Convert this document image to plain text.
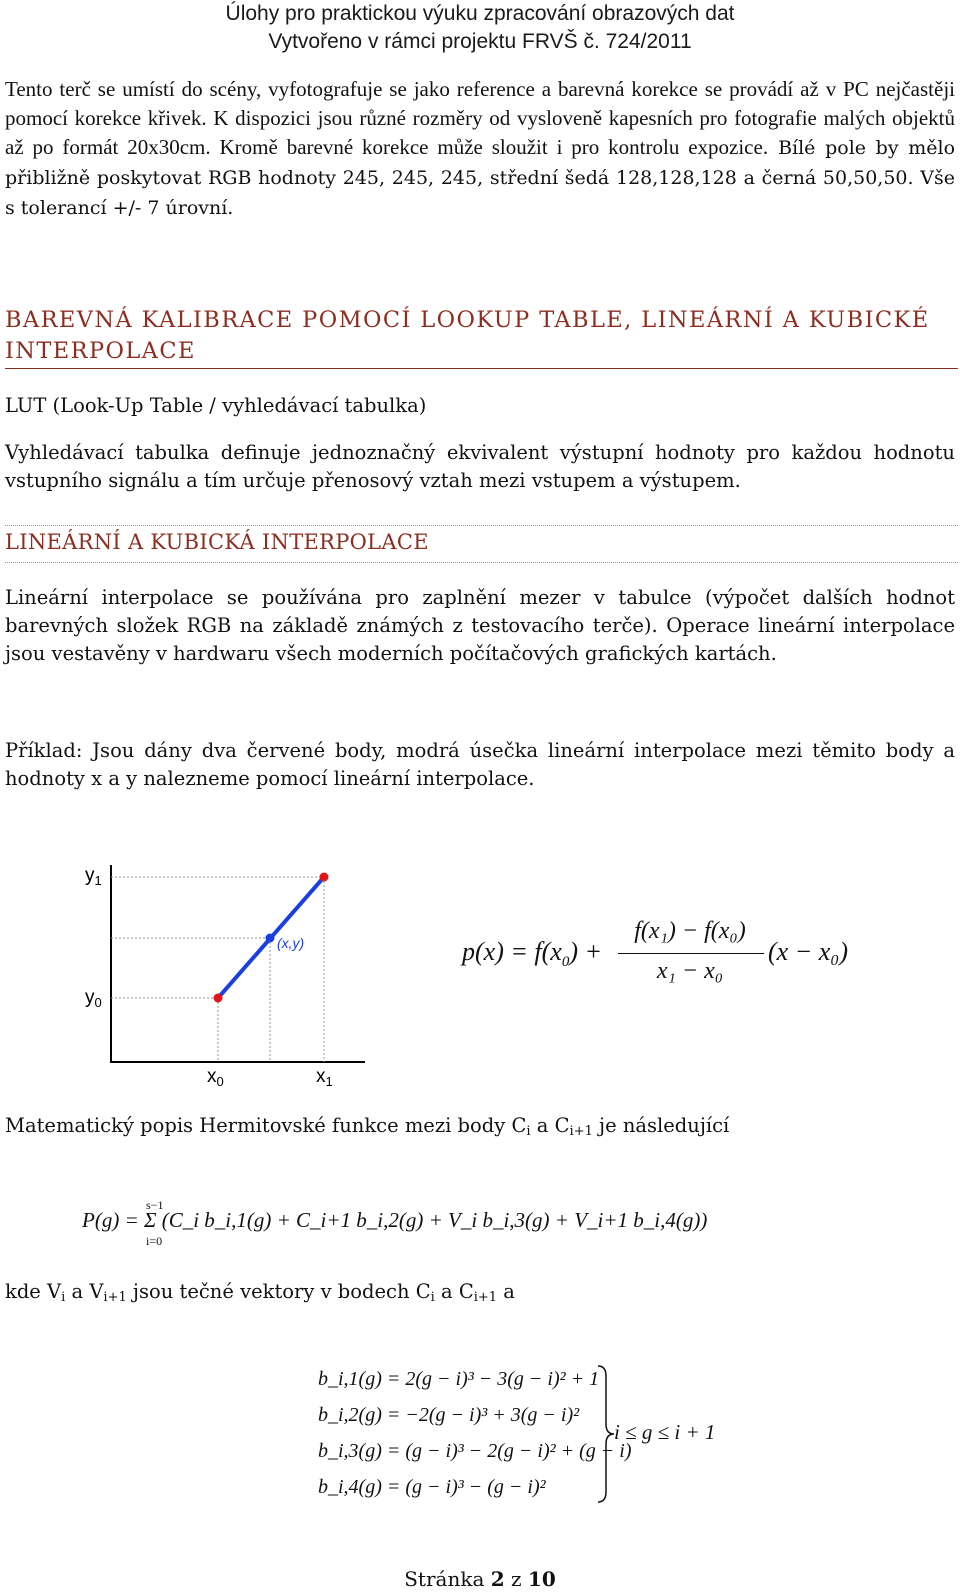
Úlohy pro praktickou výuku zpracování obrazových dat
Vytvořeno v rámci projektu FRVŠ č. 724/2011
Tento terč se umístí do scény, vyfotografuje se jako reference a barevná korekce se provádí až v PC nejčastěji pomocí korekce křivek. K dispozici jsou různé rozměry od vysloveně kapesních pro fotografie malých objektů až po formát 20x30cm. Kromě barevné korekce může sloužit i pro kontrolu expozice. Bílé pole by mělo přibližně poskytovat RGB hodnoty 245, 245, 245, střední šedá 128,128,128 a černá 50,50,50. Vše s tolerancí +/- 7 úrovní.
BAREVNÁ KALIBRACE POMOCÍ LOOKUP TABLE, LINEÁRNÍ A KUBICKÉ INTERPOLACE
LUT (Look-Up Table / vyhledávací tabulka)
Vyhledávací tabulka definuje jednoznačný ekvivalent výstupní hodnoty pro každou hodnotu vstupního signálu a tím určuje přenosový vztah mezi vstupem a výstupem.
LINEÁRNÍ A KUBICKÁ INTERPOLACE
Lineární interpolace se používána pro zaplnění mezer v tabulce (výpočet dalších hodnot barevných složek RGB na základě známých z testovacího terče). Operace lineární interpolace jsou vestavěny v hardwaru všech moderních počítačových grafických kartách.
Příklad: Jsou dány dva červené body, modrá úsečka lineární interpolace mezi těmito body a hodnoty x a y nalezneme pomocí lineární interpolace.
(x,y)
$y_1$
$y_0$
$x_0$	$x_1$
$p(x) = f(x_0)$ +
f(x₁) − f(x₀)
x₁ − x₀
(x − x₀)
Matematický popis Hermitovské funkce mezi body $C_i$ a $C_{i+1}$ je následující
s−1
i=0
P(g) = Σ (C_i b_i,1(g) + C_i+1 b_i,2(g) + V_i b_i,3(g) + V_i+1 b_i,4(g))
kde $V_i$ a $V_{i+1}$ jsou tečné vektory v bodech $C_i$ a $C_{i+1}$ a
b_i,1(g) = 2(g − i)³ − 3(g − i)² + 1
b_i,2(g) = −2(g − i)³ + 3(g − i)²
b_i,3(g) = (g − i)³ − 2(g − i)² + (g − i)
b_i,4(g) = (g − i)³ − (g − i)²
i ≤ g ≤ i + 1
Stránka 2 z 10
